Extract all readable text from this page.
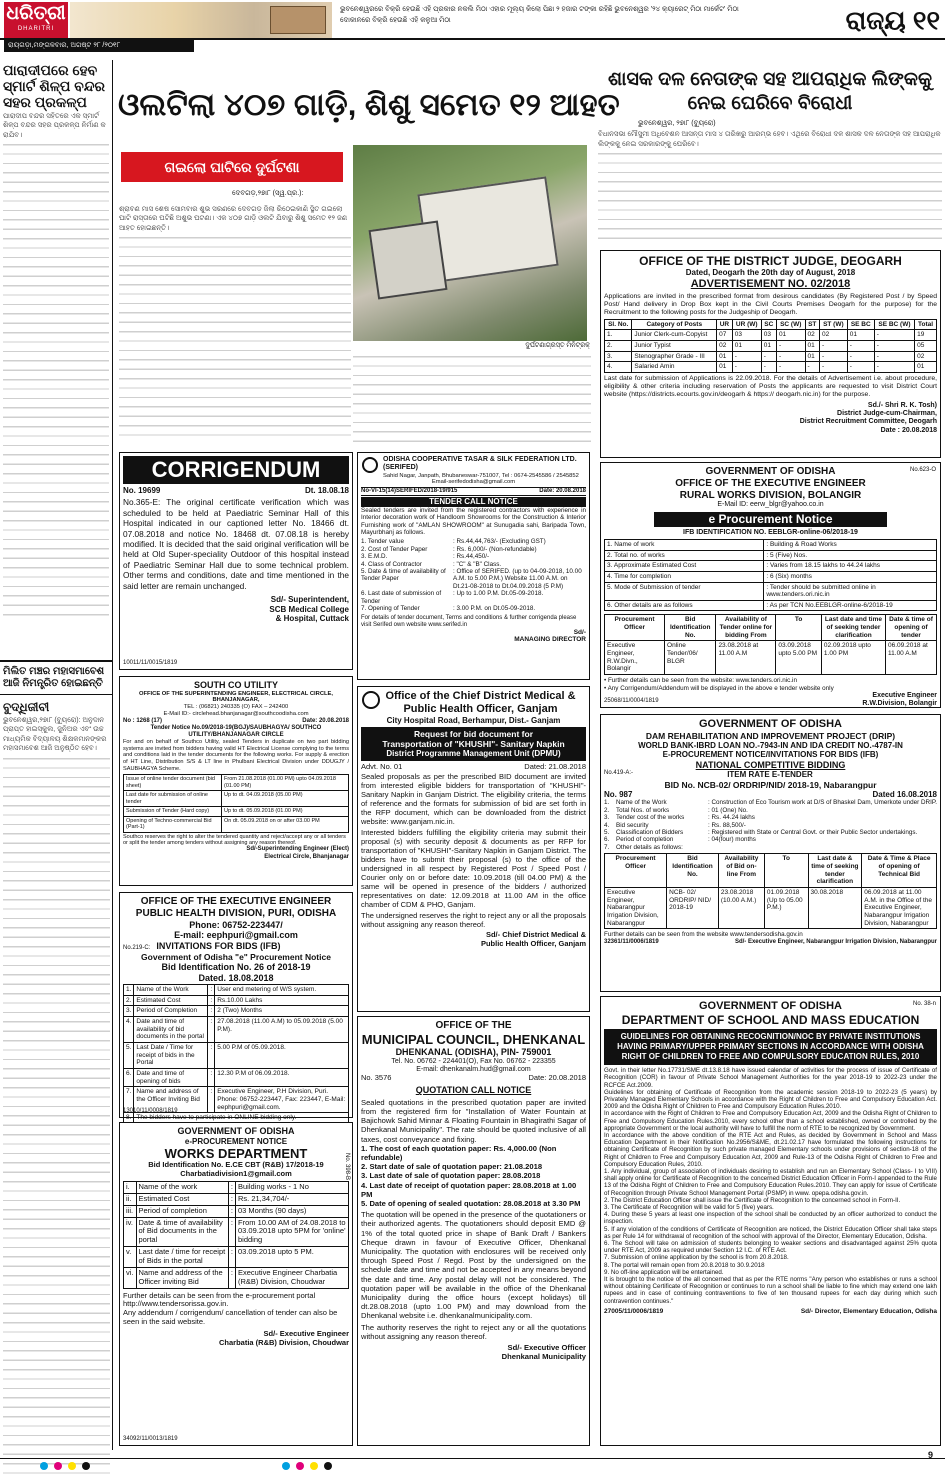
ଧରିତ୍ରୀ
DHARITRI
ଭୁବନେଶ୍ୱରରେ ବିକ୍ରି ହେଉଛି ଏହି ପ୍ରକାର ନକଲି ମିଠା ଏହାର ମୂଲ୍ୟ କିଲୋ ପିଛା ୨ ହଜାର ଟଙ୍କା ରହିଛି ଭୁବନେଶ୍ୱର '୨୪ କ୍ୟାରେଟ୍ ମିଠା ମାର୍କେଟ' ମିଠା ଦୋକାନରେ ବିକ୍ରି ହେଉଛି ଏହି କଳୁଆ ମିଠା	ରାଜ୍ୟ ୧୧
ରାୟଗଡ଼ା,ମଙ୍ଗଳବାର, ଅଗଷ୍ଟ ୨୮ /୨୦୧୮
ପାରାଦୀପରେ ହେବ ସ୍ମାର୍ଟ ଶିଳ୍ପ ବନ୍ଦର ସହର ପ୍ରକଳ୍ପ
ପାରାଦୀପ ବନ୍ଦର ସହିତରେ ଏକ ସ୍ମାର୍ଟ ଶିଳ୍ପ ବନ୍ଦର ସହର ପ୍ରକଳ୍ପ ନିର୍ମାଣ କରାଯିବ।
ମିଲିତ ମଞ୍ଚର ମହାସମାବେଶ ଆଜି ନିମନ୍ତ୍ରିତ ହୋଇଛନ୍ତି
ବୁଦ୍ଧିଜୀବୀ
ଭୁବନେଶ୍ୱର,୨୭ା୮ (ବ୍ୟୁରୋ): ଅନୁଦାନପ୍ରାପ୍ତ ହାଇସ୍କୁଲ, ଜୁନିଅର ଏବଂ ଉଚ୍ଚ ମାଧ୍ୟମିକ ବିଦ୍ୟାଳୟ ଶିକ୍ଷକମାନଙ୍କର ମହାସମାବେଶ ଆଜି ଅନୁଷ୍ଠିତ ହେବ।
ଓଲଟିଲା ୪୦୭ ଗାଡ଼ି, ଶିଶୁ ସମେତ ୧୨ ଆହତ
ଗଇଲୋ ଘାଟିରେ ଦୁର୍ଘଟଣା
ଦେବଗଡ଼,୨୭ା୮ (ସ୍ୱ.ପ୍ର.):
ଦୁର୍ଘଟଣାଗ୍ରସ୍ତ ମିନିଟ୍ରକ୍
ଶ୍ରାବଣ ମାସ ଶେଷ ସୋମବାର ଶୁଭ ସରଣରେ ଦେବଗଡ଼ ଜିଲା ରିଠେଇକାଣି ସ୍ଥିତ ଗଇଲୋ ଘାଟି ରାସ୍ତାରେ ଘଟିଛି ଅଶୁଭ ଘଟଣା। ଏକ ୪୦୭ ଗାଡ଼ି ଓଲଟି ଯିବାରୁ ଶିଶୁ ସମେତ ୧୨ ଜଣ ଆହତ ହୋଇଛନ୍ତି।
ଶାସକ ଦଳ ନେତାଙ୍କ ସହ ଆପରାଧିକ ଲିଙ୍କକୁ ନେଇ ଘେରିବେ ବିରୋଧୀ
ଭୁବନେଶ୍ୱର, ୨୭ା୮ (ବ୍ୟୁରୋ)
ବିଧାନସଭା ମୌସୁମୀ ଅଧିବେଶନ ଆସନ୍ତା ମାସ ୪ ତାରିଖରୁ ଆରମ୍ଭ ହେବ। ଏଥିରେ ବିରୋଧୀ ଦଳ ଶାସକ ଦଳ ନେତାଙ୍କ ସହ ଆପରାଧିକ ଲିଙ୍କକୁ ନେଇ ସରକାରଙ୍କୁ ଘେରିବେ।
OFFICE OF THE DISTRICT JUDGE, DEOGARH
Dated, Deogarh the 20th day of August, 2018
ADVERTISEMENT NO. 02/2018
Applications are invited in the prescribed format from desirous candidates (By Registered Post / by Speed Post/ Hand delivery in Drop Box kept in the Civil Courts Premises Deogarh for the purpose) for the Recruitment to the following posts for the Judgeship of Deogarh.
Sl. No.	Category of Posts	UR	UR (W)	SC	SC (W)	ST	ST (W)	SE BC	SE BC (W)	Total
1.	Junior Clerk-cum-Copyist	07	03	03	01	02	02	01	-	19
2.	Junior Typist	02	01	01	-	01	-	-	-	05
3.	Stenographer Grade - III	01	-	-	-	01	-	-	-	02
4.	Salaried Amin	01	-	-	-	-	-	-	-	01
Last date for submission of Applications is 22.09.2018. For the details of Advertisement i.e. about procedure, eligibility & other criteria including reservation of Posts the applicants are requested to visit District Court website (https://districts.ecourts.gov.in/deogarh & https:// deogarh.nic.in) for the purpose.
Sd./- Shri R. K. Tosh)
District Judge-cum-Chairman,
District Recruitment Committee, Deogarh
Date : 20.08.2018
CORRIGENDUM
No. 19699	Dt. 18.08.18
No.365-E: The original certificate verification which was scheduled to be held at Paediatric Seminar Hall of this Hospital indicated in our captioned letter No. 18466 dt. 07.08.2018 and notice No. 18468 dt. 07.08.18 is hereby modified. It is decided that the said original verification will be held at Old Super-speciality Outdoor of this hospital instead of Paediatric Seminar Hall due to some technical problem. Other terms and conditions, date and time mentioned in the said letter are remain unchanged.
Sd/- Superintendent,
SCB Medical College
& Hospital, Cuttack
10011/11/0015/1819
ODISHA COOPERATIVE TASAR & SILK FEDERATION LTD. (SERIFED)
Sahid Nagar, Janpath, Bhubaneswar-751007, Tel : 0674-2545586 / 2545852
Email-serifedodisha@gmail.com
No-VI-15(14)SERIFED/2018-19/915	Date: 20.08.2018
TENDER CALL NOTICE
Sealed tenders are invited from the registered contractors with experience in Interior decoration work of Handloom Showrooms for the Construction & Interior Furnishing work of "AMLAN SHOWROOM" at Sunugadia sahi, Baripada Town, Mayurbhanj as follows.
1. Tender value	: Rs.44,44,763/- (Excluding GST)
2. Cost of Tender Paper	: Rs. 6,000/- (Non-refundable)
3. E.M.D.	: Rs.44,450/-
4. Class of Contractor	: "C" & "B" Class.
5. Date & time of availability of Tender Paper
: Office of SERIFED. (up to 04-09-2018, 10.00 A.M. to 5.00 P.M.) Website 11.00 A.M. on Dt.21-08-2018 to Dt.04.09.2018 (5 P.M)
6. Last date of submission of Tender
: Up to 1.00 P.M. Dt.05-09-2018.
7. Opening of Tender	: 3.00 P.M. on Dt.05-09-2018.
For details of tender document, Terms and conditions & further corrigenda please visit Serifed own website www.serifed.in
Sd/-
MANAGING DIRECTOR
GOVERNMENT OF ODISHA	No.623-O
OFFICE OF THE EXECUTIVE ENGINEER
RURAL WORKS DIVISION, BOLANGIR
E-Mail ID: eerw_blgr@yahoo.co.in
e Procurement Notice
IFB IDENTIFICATION NO. EEBLGR-online-06/2018-19
1. Name of work	: Building & Road Works
2. Total no. of works	: 5 (Five) Nos.
3. Approximate Estimated Cost	: Varies from 18.15 lakhs to 44.24 lakhs
4. Time for completion	: 6 (Six) months
5. Mode of Submission of tender	: Tender should be submitted online in www.tenders.ori.nic.in
6. Other details are as follows	: As per TCN No.EEBLGR-online-6/2018-19
Procurement Officer	Bid Identification No.	Availability of Tender online for bidding From	To	Last date and time of seeking tender clarification	Date & time of opening of tender
Executive Engineer, R.W.Divn., Bolangir	Online Tender/06/ BLGR	23.08.2018 at 11.00 A.M	03.09.2018 upto 5.00 PM	02.09.2018 upto 1.00 PM	06.09.2018 at 11.00 A.M
• Further details can be seen from the website: www.tenders.ori.nic.in
• Any Corrigendum/Addendum will be displayed in the above e tender website only
Executive Engineer
R.W.Division, Bolangir
25068/11/0004/1819
SOUTH CO UTILITY
OFFICE OF THE SUPERINTENDING ENGINEER, ELECTRICAL CIRCLE, BHANJANAGAR,
TEL : (06821) 240335 (O) FAX – 242400
E-Mail ID:- circlehead.bhanjanagar@southcoodisha.com
No : 1268 (17)	Date: 20.08.2018
Tender Notice No.09/2018-19(BGJ)/SAUBHAGYA/ SOUTHCO UTILITY/BHANJANAGAR CIRCLE
For and on behalf of Southco Utility, sealed Tenders in duplicate on two part bidding systems are invited from bidders having valid HT Electrical License complying to the terms and conditions laid in the tender documents for the following works. For supply & erection of HT Line, Distribution S/S & LT line in Phulbani Electrical Division under DDUGJY / SAUBHAGYA Scheme.
Issue of online tender document (bid sheet)	From 21.08.2018 (01.00 PM) upto 04.09.2018 (01.00 PM)
Last date for submission of online tender	Up to dt. 04.09.2018 (05.00 PM)
Submission of Tender (Hard copy)	Up to dt. 05.09.2018 (01.00 PM)
Opening of Techno-commercial Bid (Part-1)	On dt. 05.09.2018 on or after 03.00 PM
Southco reserves the right to alter the tendered quantity and reject/accept any or all tenders or split the tender among tenders without assigning any reason thereof.
Sd/-Superintending Engineer (Elect)
Electrical Circle, Bhanjanagar
Office of the Chief District Medical & Public Health Officer, Ganjam
City Hospital Road, Berhampur, Dist.- Ganjam
Request for bid document for
Transportation of "KHUSHI"- Sanitary Napkin
District Programme Management Unit (DPMU)
Advt. No. 01	Dated: 21.08.2018
Sealed proposals as per the prescribed BID document are invited from interested eligible bidders for transportation of "KHUSHI"-Sanitary Napkin in Ganjam District. The eligibility criteria, the terms of reference and the formats for submission of bid are set forth in the RFP document, which can be downloaded from the district website: www.ganjam.nic.in.
Interested bidders fulfilling the eligibility criteria may submit their proposal (s) with security deposit & documents as per RFP for transportation of "KHUSHI"-Sanitary Napkin in Ganjam District. The bidders have to submit their proposal (s) to the office of the undersigned in all respect by Registered Post / Speed Post / Courier only on or before date: 10.09.2018 (till 04.00 PM) & the same will be opened in presence of the bidders / authorized representatives on date: 12.09.2018 at 11.00 AM in the office chamber of CDM & PHO, Ganjam.
The undersigned reserves the right to reject any or all the proposals without assigning any reason thereof.
Sd/- Chief District Medical &
Public Health Officer, Ganjam
GOVERNMENT OF ODISHA
DAM REHABILITATION AND IMPROVEMENT PROJECT (DRIP)
WORLD BANK-IBRD LOAN NO.-7943-IN AND IDA CREDIT NO.-4787-IN
E-PROCUREMENT NOTICE/INVITATIONS FOR BIDS (IFB)
NATIONAL COMPETITIVE BIDDING
No.419-A:-	ITEM RATE E-TENDER
BID No. NCB-02/ ORDRIP/NID/ 2018-19, Nabarangpur
No. 987	Dated 16.08.2018
1.	Name of the Work	: Construction of Eco Tourism work at D/S of Bhaskel Dam, Umerkote under DRIP.
2.	Total Nos. of works	: 01 (One) No.
3.	Tender cost of the works	: Rs. 44.24 lakhs
4.	Bid security	: Rs. 88,500/-
5.	Classification of Bidders	: Registered with State or Central Govt. or their Public Sector undertakings.
6.	Period of completion	: 04(four) months
7.	Other details as follows:
Procurement Officer	Bid Identification No.	Availability of Bid on-line From	To	Last date & time of seeking tender clarification	Date & Time & Place of opening of Technical Bid
Executive Engineer, Nabarangpur Irrigation Division, Nabarangpur	NCB- 02/ ORDRIP/ NID/ 2018-19	23.08.2018 (10.00 A.M.)	01.09.2018 (Up to 05.00 P.M.)	30.08.2018	06.09.2018 at 11.00 A.M. in the Office of the Executive Engineer, Nabarangpur Irrigation Division, Nabarangpur
Further details can be seen from the website www.tendersodisha.gov.in
32361/11/0006/1819	Sd/- Executive Engineer, Nabarangpur Irrigation Division, Nabarangpur
OFFICE OF THE EXECUTIVE ENGINEER
PUBLIC HEALTH DIVISION, PURI, ODISHA
Phone: 06752-223447/
E-mail: eephpuri@gmail.com
No.219-C: INVITATIONS FOR BIDS (IFB)
Government of Odisha "e" Procurement Notice
Bid Identification No. 26 of 2018-19
Dated. 18.08.2018
1.	Name of the Work	:	User end metering of W/S system.
2.	Estimated Cost	:	Rs.10.00 Lakhs
3.	Period of Completion	:	2 (Two) Months
4.	Date and time of availability of bid documents in the portal	:	27.08.2018 (11.00 A.M) to 05.09.2018 (5.00 P.M).
5.	Last Date / Time for receipt of bids in the Portal	:	5.00 P.M of 05.09.2018.
6.	Date and time of opening of bids	:	12.30 P.M of 06.09.2018.
7.	Name and address of the Officer Inviting Bid	:	Executive Engineer, P.H Division, Puri. Phone: 06752-223447, Fax: 223447, E-Mail: eephpuri@gmail.com.
8.	The bidders have to participate in ONLINE bidding only.		
13010/11/0008/1819
OFFICE OF THE
MUNICIPAL COUNCIL, DHENKANAL
DHENKANAL (ODISHA), PIN- 759001
Tel. No. 06762 - 224401(O), Fax No. 06762 - 223355
E-mail: dhenkanalm.hud@gmail.com
No. 3576	Date: 20.08.2018
QUOTATION CALL NOTICE
Sealed quotations in the prescribed quotation paper are invited from the registered firm for "Installation of Water Fountain at Bajichowk Sahid Minnar & Floating Fountain in Bhagirathi Sagar of Dhenkanal Municipality". The rate should be quoted inclusive of all taxes, cost conveyance and fixing.
1. The cost of each quotation paper: Rs. 4,000.00 (Non refundable)
2. Start date of sale of quotation paper: 21.08.2018
3. Last date of sale of quotation paper: 28.08.2018
4. Last date of receipt of quotation paper: 28.08.2018 at 1.00 PM
5. Date of opening of sealed quotation: 28.08.2018 at 3.30 PM
The quotation will be opened in the presence of the quotationers or their authorized agents. The quotationers should deposit EMD @ 1% of the total quoted price in shape of Bank Draft / Bankers Cheque drawn in favour of Executive Officer, Dhenkanal Municipality. The quotation with enclosures will be received only through Speed Post / Regd. Post by the undersigned on the schedule date and time and not be accepted in any means beyond the date and time. Any postal delay will not be considered. The quotation paper will be available in the office of the Dhenkanal Municipality during the office hours (except holidays) till dt.28.08.2018 (upto 1.00 PM) and may download from the Dhenkanal website i.e. dhenkanalmunicipality.com.
The authority reserves the right to reject any or all the quotations without assigning any reason thereof.
Sd/- Executive Officer
Dhenkanal Municipality
No. 398-B
GOVERNMENT OF ODISHA
e-PROCUREMENT NOTICE
WORKS DEPARTMENT
Bid Identification No. E.CE CBT (R&B) 17/2018-19
Charbatiadivision1@gmail.com
i.	Name of the work	:	Building works - 1 No
ii.	Estimated Cost	:	Rs. 21,34,704/-
iii.	Period of completion	:	03 Months (90 days)
iv.	Date & time of availability of Bid documents in the portal	:	From 10.00 AM of 24.08.2018 to 03.09.2018 upto 5PM for 'online' bidding
v.	Last date / time for receipt of Bids in the portal	:	03.09.2018 upto 5 PM.
vi.	Name and address of the Officer inviting Bid	:	Executive Engineer Charbatia (R&B) Division, Choudwar
Further details can be seen from the e-procurement portal http://www.tendersorissa.gov.in.
Any addendum / corrigendum/ cancellation of tender can also be seen in the said website.
Sd/- Executive Engineer
Charbatia (R&B) Division, Choudwar
34092/11/0013/1819
GOVERNMENT OF ODISHA	No. 38-n
DEPARTMENT OF SCHOOL AND MASS EDUCATION
GUIDELINES FOR OBTAINING RECOGNITION/NOC BY PRIVATE INSTITUTIONS HAVING PRIMARY/UPPER PRIMARY SECTIONS IN ACCORDANCE WITH ODISHA RIGHT OF CHILDREN TO FREE AND COMPULSORY EDUCATION RULES, 2010
Govt. in their letter No.17731/SME dt.13.8.18 have issued calendar of activities for the process of issue of Certificate of Recognition (COR) in favour of Private School Management Authorities for the year 2018-19 to 2022-23 under the RCFCE Act.2009.
Guidelines for obtaining of Certificate of Recognition from the academic session 2018-19 to 2022-23 (5 years) by Privately Managed Elementary Schools in accordance with the Right of Children to Free and Compulsory Education Act. 2009 and the Odisha Right of Children to Free and Compulsory Education Rules.2010.
In accordance with the Right of Children to Free and Compulsory Education Act, 2009 and the Odisha Right of Children to Free and Compulsory Education Rules.2010, every school other than a school established, owned or controlled by the appropriate Government or the local authority will have to fulfill the norm of RTE to be recognized by Government.
In accordance with the above condition of the RTE Act and Rules, as decided by Government in School and Mass Education Department in their Notification No.2956/S&ME, dt.21.02.17 have formulated the following instructions for obtaining Certificate of Recognition by such private managed Elementary schools under provisions of section-18 of the Right of Children to Free and Compulsory Education Act, 2009 and Rule-13 of the Odisha Right of Children to Free and Compulsory Education Rules, 2010.
1. Any individual, group of association of individuals desiring to establish and run an Elementary School (Class- I to VIII) shall apply online for Certificate of Recognition to the concerned District Education Officer in Form-I appended to the Rule 13 of the Odisha Right of Children to Free and Compulsory Education Rules.2010. They can apply for issue of Certificate of Recognition through Private School Management Portal (PSMP) in www. opepa.odisha.gov.in.
2. The District Education Officer shall issue the Certificate of Recognition to the concerned school in Form-II.
3. The Certificate of Recognition will be valid for 5 (five) years.
4. During these 5 years at least one inspection of the school shall be conducted by an officer authorized to conduct the inspection.
5. If any violation of the conditions of Certificate of Recognition are noticed, the District Education Officer shall take steps as per Rule 14 for withdrawal of recognition of the school with approval of the Director, Elementary Education, Odisha.
6. The School will take on admission of students belonging to weaker sections and disadvantaged against 25% quota under RTE Act, 2009 as required under Section 12 I.C. of RTE Act.
7. Submission of online application by the school is from 20.8.2018.
8. The portal will remain open from 20.8.2018 to 30.9.2018
9. No off-line application will be entertained.
It is brought to the notice of the all concerned that as per the RTE norms "Any person who establishes or runs a school without obtaining Certificate of Recognition or continues to run a school shall be liable to fine which may extend one lakh rupees and in case of continuing contraventions to five of ten thousand rupees for each day during which such contravention continues."
27005/11/0006/1819	Sd/- Director, Elementary Education, Odisha
9
